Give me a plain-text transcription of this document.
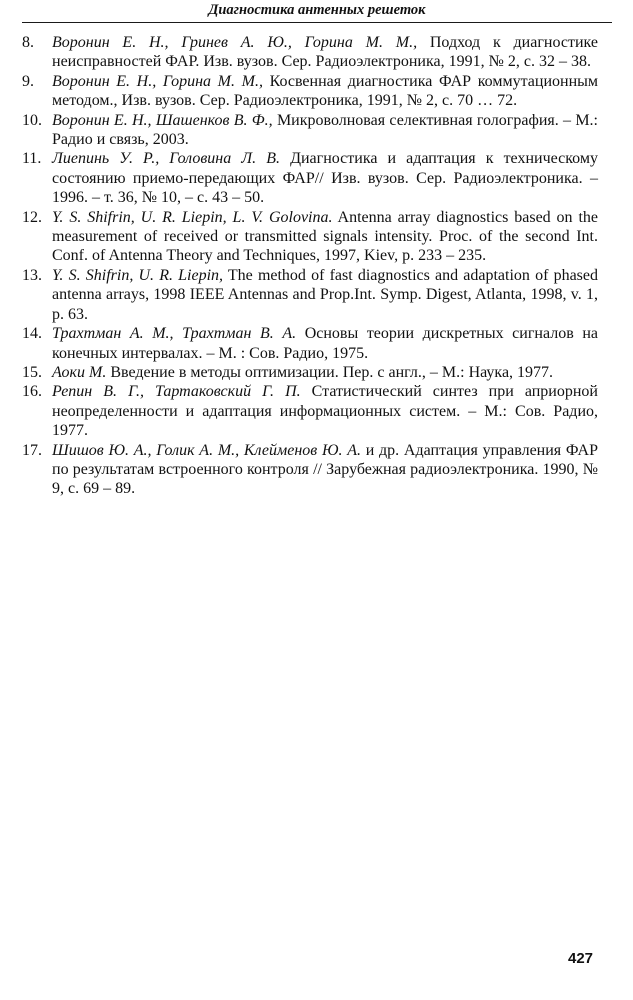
Диагностика антенных решеток
8.	Воронин Е. Н., Гринев А. Ю., Горина М. М., Подход к диагностике неисправностей ФАР. Изв. вузов. Сер. Радиоэлектроника, 1991, № 2, с. 32 – 38.
9.	Воронин Е. Н., Горина М. М., Косвенная диагностика ФАР коммутационным методом., Изв. вузов. Сер. Радиоэлектроника, 1991, № 2, с. 70 … 72.
10. Воронин Е. Н., Шашенков В. Ф., Микроволновая селективная голография. – М.: Радио и связь, 2003.
11. Лиепинь У. Р., Головина Л. В. Диагностика и адаптация к техническому состоянию приемо-передающих ФАР// Изв. вузов. Сер. Радиоэлектроника. – 1996. – т. 36, № 10, – с. 43 – 50.
12. Y. S. Shifrin, U. R. Liepin, L. V. Golovina. Antenna array diagnostics based on the measurement of received or transmitted signals intensity. Proc. of the second Int. Conf. of Antenna Theory and Techniques, 1997, Kiev, p. 233 – 235.
13. Y. S. Shifrin, U. R. Liepin, The method of fast diagnostics and adaptation of phased antenna arrays, 1998 IEEE Antennas and Prop.Int. Symp. Digest, Atlanta, 1998, v. 1, p. 63.
14. Трахтман А. М., Трахтман В. А. Основы теории дискретных сигналов на конечных интервалах. – М. : Сов. Радио, 1975.
15. Аоки М. Введение в методы оптимизации. Пер. с англ., – М.: Наука, 1977.
16. Репин В. Г., Тартаковский Г. П. Статистический синтез при априорной неопределенности и адаптация информационных систем. – М.: Сов. Радио, 1977.
17. Шишов Ю. А., Голик А. М., Клейменов Ю. А. и др. Адаптация управления ФАР по результатам встроенного контроля // Зарубежная радиоэлектроника. 1990, № 9, с. 69 – 89.
427
